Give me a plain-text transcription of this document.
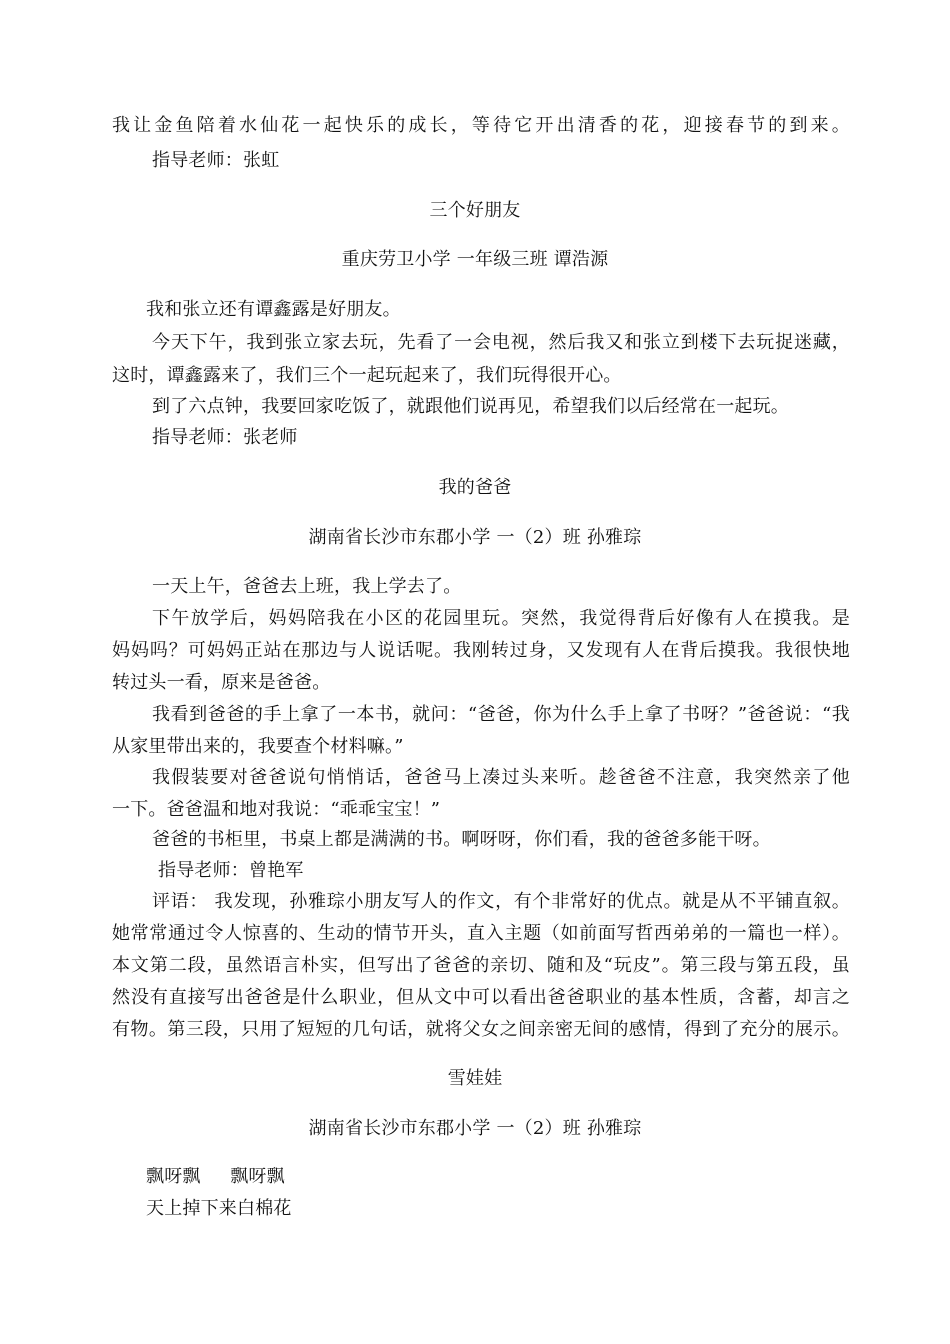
我让金鱼陪着水仙花一起快乐的成长，等待它开出清香的花，迎接春节的到来。
指导老师：张虹
三个好朋友
重庆劳卫小学 一年级三班 谭浩源
我和张立还有谭鑫露是好朋友。
今天下午，我到张立家去玩，先看了一会电视，然后我又和张立到楼下去玩捉迷藏，
这时，谭鑫露来了，我们三个一起玩起来了，我们玩得很开心。
到了六点钟，我要回家吃饭了，就跟他们说再见，希望我们以后经常在一起玩。
指导老师：张老师
我的爸爸
湖南省长沙市东郡小学 一（2）班 孙雅琮
一天上午，爸爸去上班，我上学去了。
下午放学后，妈妈陪我在小区的花园里玩。突然，我觉得背后好像有人在摸我。是
妈妈吗？可妈妈正站在那边与人说话呢。我刚转过身，又发现有人在背后摸我。我很快地
转过头一看，原来是爸爸。
我看到爸爸的手上拿了一本书，就问：“爸爸，你为什么手上拿了书呀？”爸爸说：“我
从家里带出来的，我要查个材料嘛。”
我假装要对爸爸说句悄悄话，爸爸马上凑过头来听。趁爸爸不注意，我突然亲了他
一下。爸爸温和地对我说：“乖乖宝宝！”
爸爸的书柜里，书桌上都是满满的书。啊呀呀，你们看，我的爸爸多能干呀。
指导老师：曾艳军
评语： 我发现，孙雅琮小朋友写人的作文，有个非常好的优点。就是从不平铺直叙。
她常常通过令人惊喜的、生动的情节开头，直入主题（如前面写哲西弟弟的一篇也一样）。
本文第二段，虽然语言朴实，但写出了爸爸的亲切、随和及“玩皮”。第三段与第五段，虽
然没有直接写出爸爸是什么职业，但从文中可以看出爸爸职业的基本性质，含蓄，却言之
有物。第三段，只用了短短的几句话，就将父女之间亲密无间的感情，得到了充分的展示。
雪娃娃
湖南省长沙市东郡小学 一（2）班 孙雅琮
飘呀飘     飘呀飘
天上掉下来白棉花
